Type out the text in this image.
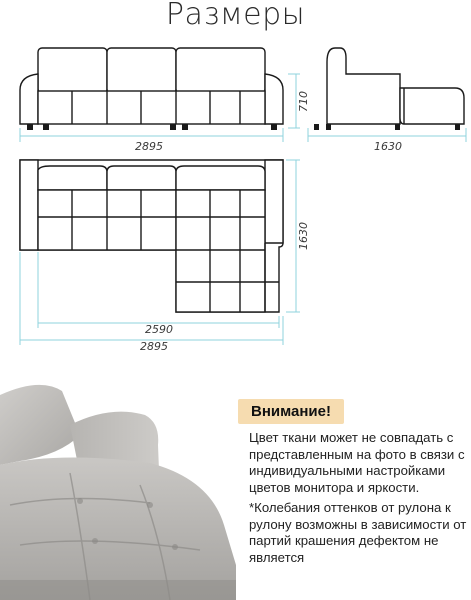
Размеры
2895
710
1630
1630
2590
2895
Внимание!
Цвет ткани может не совпадать с представленным на фото в связи с индивидуальными настройками цветов монитора и яркости.
*Колебания оттенков от рулона к рулону возможны в зависимости от партий крашения дефектом не является
